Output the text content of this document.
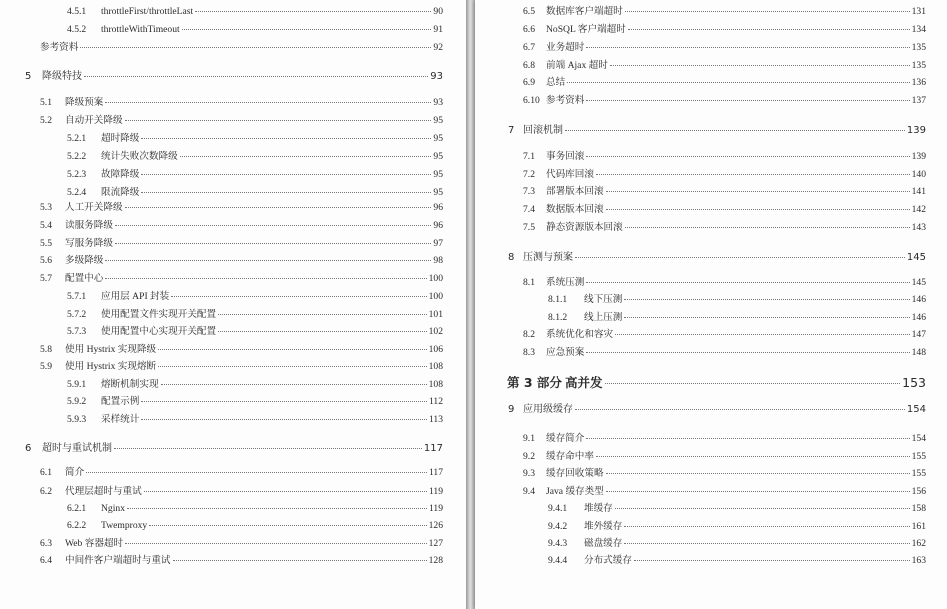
4.5.1	throttleFirst/throttleLast	90
4.5.2	throttleWithTimeout	91
参考资料	92
5	降级特技	93
5.1	降级预案	93
5.2	自动开关降级	95
5.2.1	超时降级	95
5.2.2	统计失败次数降级	95
5.2.3	故障降级	95
5.2.4	限流降级	95
5.3	人工开关降级	96
5.4	读服务降级	96
5.5	写服务降级	97
5.6	多级降级	98
5.7	配置中心	100
5.7.1	应用层 API 封装	100
5.7.2	使用配置文件实现开关配置	101
5.7.3	使用配置中心实现开关配置	102
5.8	使用 Hystrix 实现降级	106
5.9	使用 Hystrix 实现熔断	108
5.9.1	熔断机制实现	108
5.9.2	配置示例	112
5.9.3	采样统计	113
6	超时与重试机制	117
6.1	简介	117
6.2	代理层超时与重试	119
6.2.1	Nginx	119
6.2.2	Twemproxy	126
6.3	Web 容器超时	127
6.4	中间件客户端超时与重试	128
6.5	数据库客户端超时	131
6.6	NoSQL 客户端超时	134
6.7	业务超时	135
6.8	前端 Ajax 超时	135
6.9	总结	136
6.10 参考资料	137
7 回滚机制	139
7.1	事务回滚	139
7.2	代码库回滚	140
7.3	部署版本回滚	141
7.4	数据版本回滚	142
7.5	静态资源版本回滚	143
8 压测与预案	145
8.1	系统压测	145
8.1.1	线下压测	146
8.1.2	线上压测	146
8.2	系统优化和容灾	147
8.3	应急预案	148
第 3 部分 高并发	153
9 应用级缓存	154
9.1	缓存简介	154
9.2	缓存命中率	155
9.3	缓存回收策略	155
9.4	Java 缓存类型	156
9.4.1	堆缓存	158
9.4.2	堆外缓存	161
9.4.3	磁盘缓存	162
9.4.4	分布式缓存	163
